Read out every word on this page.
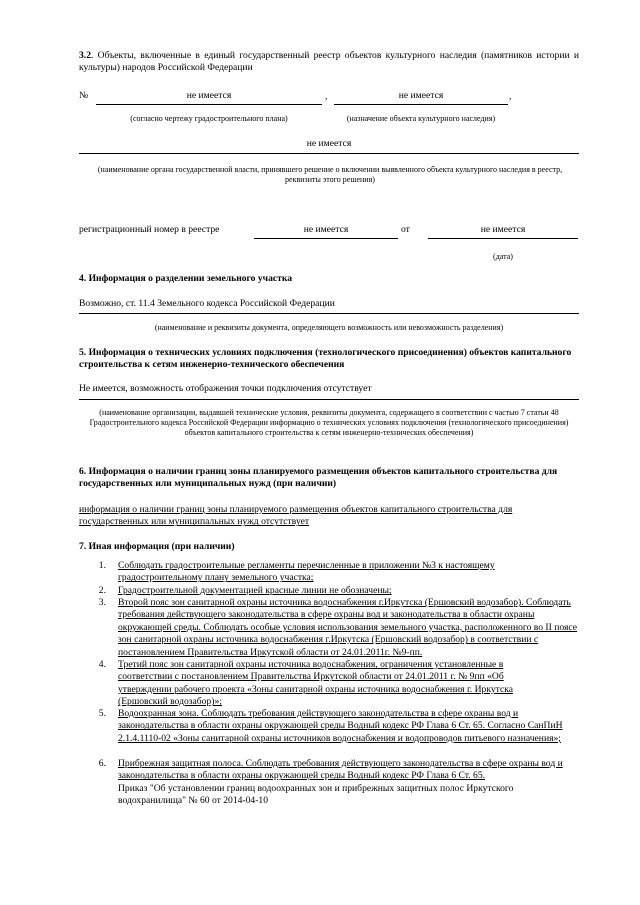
3.2. Объекты, включенные в единый государственный реестр объектов культурного наследия (памятников истории и культуры) народов Российской Федерации
№	не имеется	,	не имеется	,
(согласно чертежу градостроительного плана)	(назначение объекта культурного наследия)
не имеется
(наименование органа государственной власти, принявшего решение о включении выявленного объекта культурного наследия в реестр, реквизиты этого решения)
регистрационный номер в реестре	не имеется	от	не имеется
(дата)
4. Информация о разделении земельного участка
Возможно, ст. 11.4 Земельного кодекса Российской Федерации
(наименование и реквизиты документа, определяющего возможность или невозможность разделения)
5. Информация о технических условиях подключения (технологического присоединения) объектов капитального строительства к сетям инженерно-технического обеспечения
Не имеется, возможность отображения точки подключения отсутствует
(наименование организации, выдавшей технические условия, реквизиты документа, содержащего в соответствии с частью 7 статьи 48 Градостроительного кодекса Российской Федерации информацию о технических условиях подключения (технологического присоединения) объектов капитального строительства к сетям инженерно-технических обеспечения)
6. Информация о наличии границ зоны планируемого размещения объектов капитального строительства для государственных или муниципальных нужд (при наличии)
информация о наличии границ зоны планируемого размещения объектов капитального строительства для государственных или муниципальных нужд отсутствует
7. Иная информация (при наличии)
1. Соблюдать градостроительные регламенты перечисленные в приложении №3 к настоящему градостроительному плану земельного участка;
2. Градостроительной документацией красные линии не обозначены;
3. Второй пояс зон санитарной охраны источника водоснабжения г.Иркутска (Ершовский водозабор). Соблюдать требования действующего законодательства в сфере охраны вод и законодательства в области охраны окружающей среды. Соблюдать особые условия использования земельного участка, расположенного во II поясе зон санитарной охраны источника водоснабжения г.Иркутска (Ершовский водозабор) в соответствии с постановлением Правительства Иркутской области от 24.01.2011г. №9-пп.
4. Третий пояс зон санитарной охраны источника водоснабжения, ограничения установленные в соответствии с постановлением Правительства Иркутской области от 24.01.2011 г. № 9пп «Об утверждении рабочего проекта «Зоны санитарной охраны источника водоснабжения г. Иркутска (Ершовский водозабор)»;
5. Водоохранная зона. Соблюдать требования действующего законодательства в сфере охраны вод и законодательства в области охраны окружающей среды Водный кодекс РФ Глава 6 Ст. 65. Согласно СанПиН 2.1.4.1110-02 «Зоны санитарной охраны источников водоснабжения и водопроводов питьевого назначения»;
6. Прибрежная защитная полоса. Соблюдать требования действующего законодательства в сфере охраны вод и законодательства в области охраны окружающей среды Водный кодекс РФ Глава 6 Ст. 65.
Приказ "Об установлении границ водоохранных зон и прибрежных защитных полос Иркутского водохранилища" № 60 от 2014-04-10
